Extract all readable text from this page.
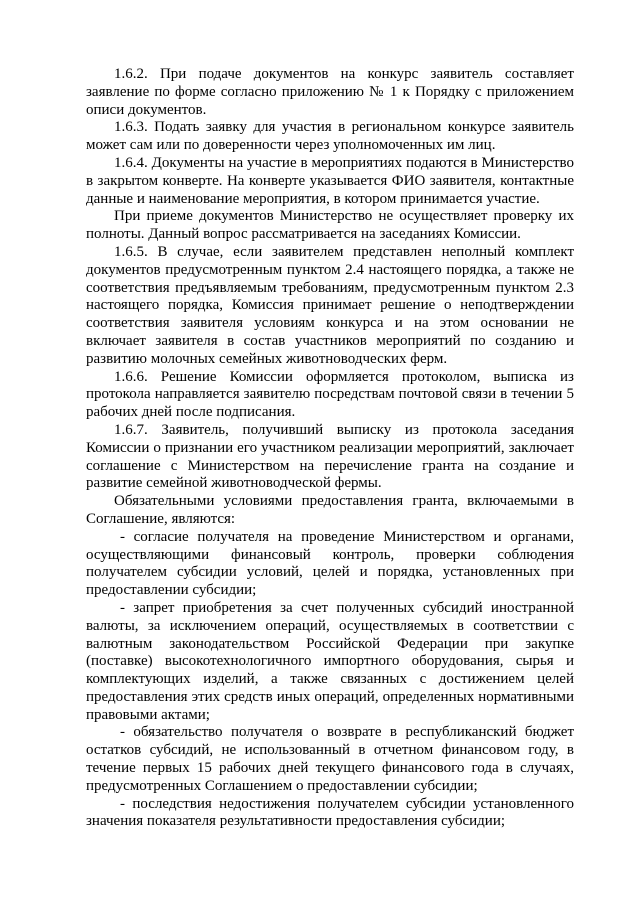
1.6.2. При подаче документов на конкурс заявитель составляет заявление по форме согласно приложению № 1 к Порядку с приложением описи документов.

1.6.3. Подать заявку для участия в региональном конкурсе заявитель может сам или по доверенности через уполномоченных им лиц.

1.6.4. Документы на участие в мероприятиях подаются в Министерство в закрытом конверте. На конверте указывается ФИО заявителя, контактные данные и наименование мероприятия, в котором принимается участие.

При приеме документов Министерство не осуществляет проверку их полноты. Данный вопрос рассматривается на заседаниях Комиссии.

1.6.5. В случае, если заявителем представлен неполный комплект документов предусмотренным пунктом 2.4 настоящего порядка, а также не соответствия предъявляемым требованиям, предусмотренным пунктом 2.3 настоящего порядка, Комиссия принимает решение о неподтверждении соответствия заявителя условиям конкурса и на этом основании не включает заявителя в состав участников мероприятий по созданию и развитию молочных семейных животноводческих ферм.

1.6.6. Решение Комиссии оформляется протоколом, выписка из протокола направляется заявителю посредствам почтовой связи в течении 5 рабочих дней после подписания.

1.6.7. Заявитель, получивший выписку из протокола заседания Комиссии о признании его участником реализации мероприятий, заключает соглашение с Министерством на перечисление гранта на создание и развитие семейной животноводческой фермы.

Обязательными условиями предоставления гранта, включаемыми в Соглашение, являются:

- согласие получателя на проведение Министерством и органами, осуществляющими финансовый контроль, проверки соблюдения получателем субсидии условий, целей и порядка, установленных при предоставлении субсидии;

- запрет приобретения за счет полученных субсидий иностранной валюты, за исключением операций, осуществляемых в соответствии с валютным законодательством Российской Федерации при закупке (поставке) высокотехнологичного импортного оборудования, сырья и комплектующих изделий, а также связанных с достижением целей предоставления этих средств иных операций, определенных нормативными правовыми актами;

- обязательство получателя о возврате в республиканский бюджет остатков субсидий, не использованный в отчетном финансовом году, в течение первых 15 рабочих дней текущего финансового года в случаях, предусмотренных Соглашением о предоставлении субсидии;

- последствия недостижения получателем субсидии установленного значения показателя результативности предоставления субсидии;
